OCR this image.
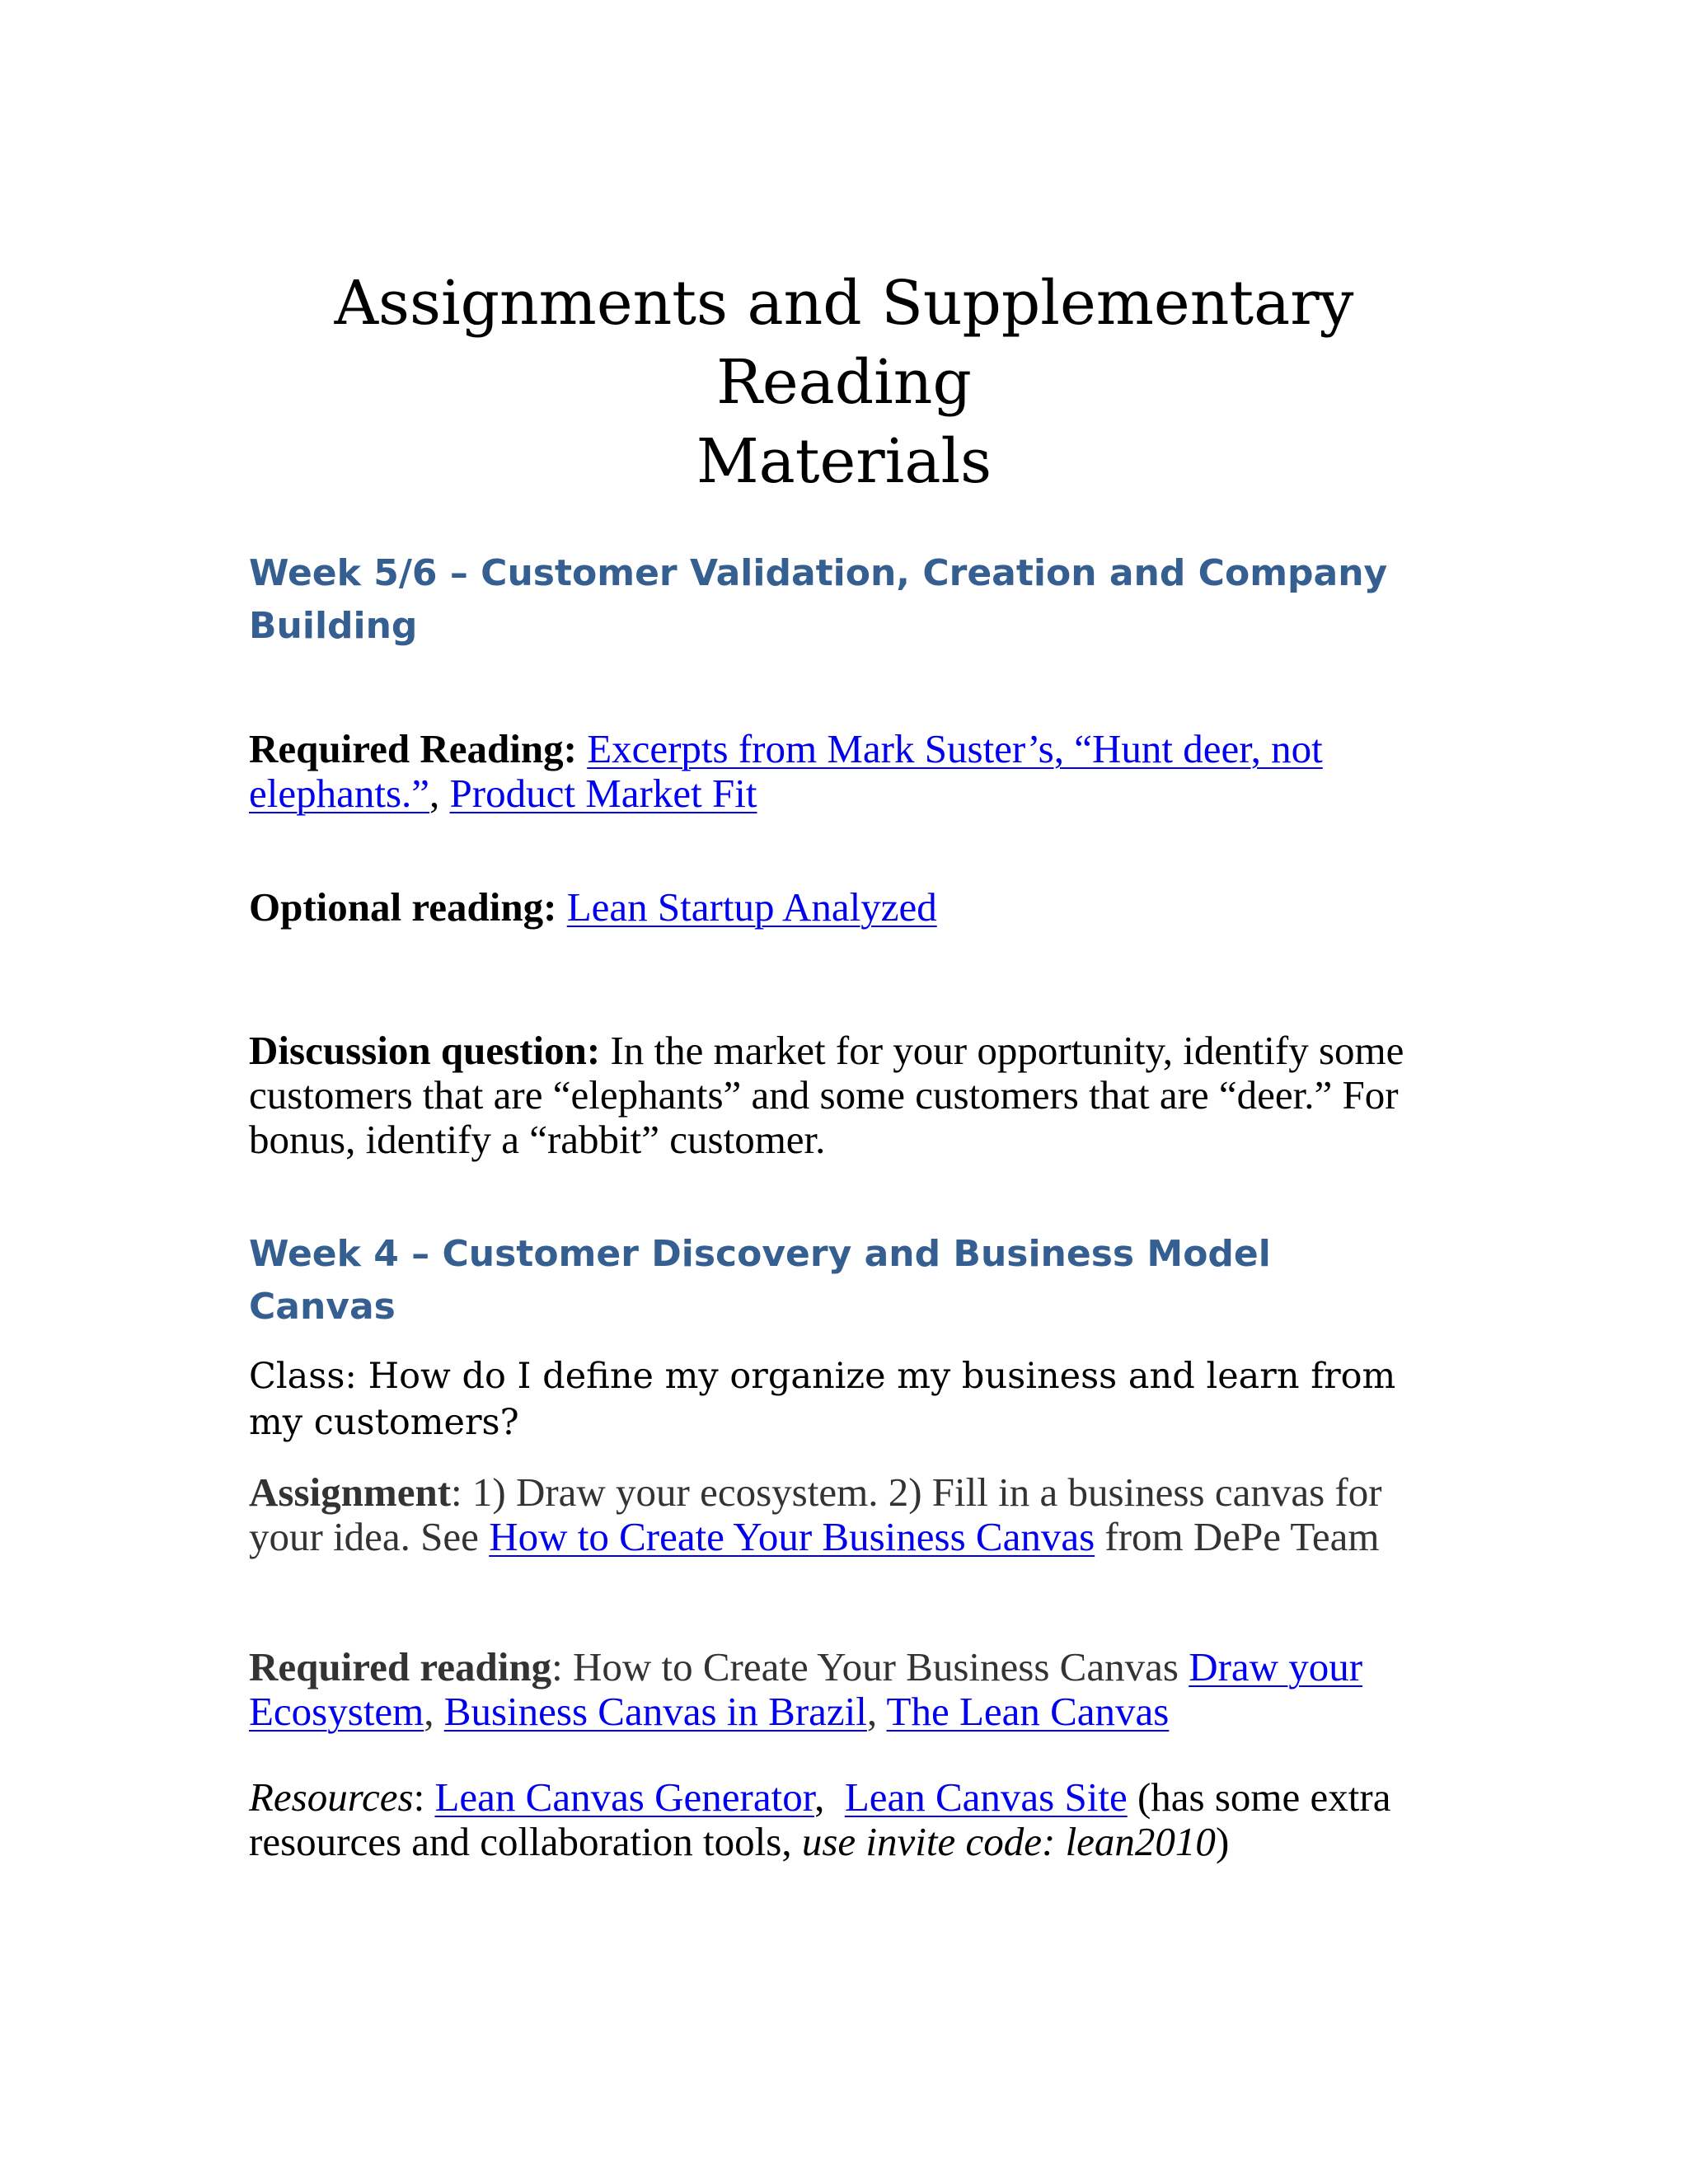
Assignments and Supplementary Reading
Materials
Week 5/6 – Customer Validation, Creation and Company
Building

Required Reading: Excerpts from Mark Suster’s, “Hunt deer, not elephants.”, Product Market Fit

Optional reading: Lean Startup Analyzed

Discussion question: In the market for your opportunity, identify some customers that are “elephants” and some customers that are “deer.” For bonus, identify a “rabbit” customer.

Week 4 – Customer Discovery and Business Model Canvas

Class: How do I define my organize my business and learn from my customers?

Assignment: 1) Draw your ecosystem. 2) Fill in a business canvas for your idea. See How to Create Your Business Canvas from DePe Team

Required reading: How to Create Your Business Canvas Draw your Ecosystem, Business Canvas in Brazil, The Lean Canvas

Resources: Lean Canvas Generator,  Lean Canvas Site (has some extra resources and collaboration tools, use invite code: lean2010)
